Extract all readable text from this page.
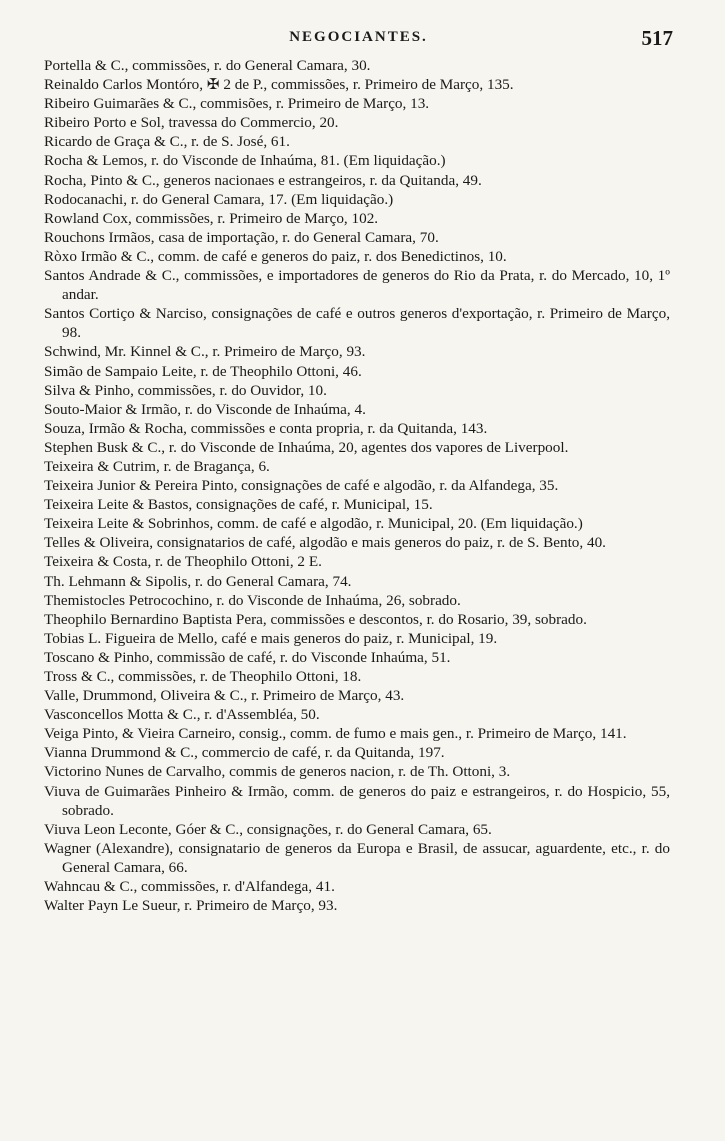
NEGOCIANTES.	517
Portella & C., commissões, r. do General Camara, 30.
Reinaldo Carlos Montóro, ✠ 2 de P., commissões, r. Primeiro de Março, 135.
Ribeiro Guimarães & C., commisões, r. Primeiro de Março, 13.
Ribeiro Porto e Sol, travessa do Commercio, 20.
Ricardo de Graça & C., r. de S. José, 61.
Rocha & Lemos, r. do Visconde de Inhaúma, 81. (Em liquidação.)
Rocha, Pinto & C., generos nacionaes e estrangeiros, r. da Quitanda, 49.
Rodocanachi, r. do General Camara, 17. (Em liquidação.)
Rowland Cox, commissões, r. Primeiro de Março, 102.
Rouchons Irmãos, casa de importação, r. do General Camara, 70.
Ròxo Irmão & C., comm. de café e generos do paiz, r. dos Benedictinos, 10.
Santos Andrade & C., commissões, e importadores de generos do Rio da Prata, r. do Mercado, 10, 1º andar.
Santos Cortiço & Narciso, consignações de café e outros generos d'exportação, r. Primeiro de Março, 98.
Schwind, Mr. Kinnel & C., r. Primeiro de Março, 93.
Simão de Sampaio Leite, r. de Theophilo Ottoni, 46.
Silva & Pinho, commissões, r. do Ouvidor, 10.
Souto-Maior & Irmão, r. do Visconde de Inhaúma, 4.
Souza, Irmão & Rocha, commissões e conta propria, r. da Quitanda, 143.
Stephen Busk & C., r. do Visconde de Inhaúma, 20, agentes dos vapores de Liverpool.
Teixeira & Cutrim, r. de Bragança, 6.
Teixeira Junior & Pereira Pinto, consignações de café e algodão, r. da Alfandega, 35.
Teixeira Leite & Bastos, consignações de café, r. Municipal, 15.
Teixeira Leite & Sobrinhos, comm. de café e algodão, r. Municipal, 20. (Em liquidação.)
Telles & Oliveira, consignatarios de café, algodão e mais generos do paiz, r. de S. Bento, 40.
Teixeira & Costa, r. de Theophilo Ottoni, 2 E.
Th. Lehmann & Sipolis, r. do General Camara, 74.
Themistocles Petrocochino, r. do Visconde de Inhaúma, 26, sobrado.
Theophilo Bernardino Baptista Pera, commissões e descontos, r. do Rosario, 39, sobrado.
Tobias L. Figueira de Mello, café e mais generos do paiz, r. Municipal, 19.
Toscano & Pinho, commissão de café, r. do Visconde Inhaúma, 51.
Tross & C., commissões, r. de Theophilo Ottoni, 18.
Valle, Drummond, Oliveira & C., r. Primeiro de Março, 43.
Vasconcellos Motta & C., r. d'Assembléa, 50.
Veiga Pinto, & Vieira Carneiro, consig., comm. de fumo e mais gen., r. Primeiro de Março, 141.
Vianna Drummond & C., commercio de café, r. da Quitanda, 197.
Victorino Nunes de Carvalho, commis de generos nacion, r. de Th. Ottoni, 3.
Viuva de Guimarães Pinheiro & Irmão, comm. de generos do paiz e estrangeiros, r. do Hospicio, 55, sobrado.
Viuva Leon Leconte, Góer & C., consignações, r. do General Camara, 65.
Wagner (Alexandre), consignatario de generos da Europa e Brasil, de assucar, aguardente, etc., r. do General Camara, 66.
Wahncau & C., commissões, r. d'Alfandega, 41.
Walter Payn Le Sueur, r. Primeiro de Março, 93.
